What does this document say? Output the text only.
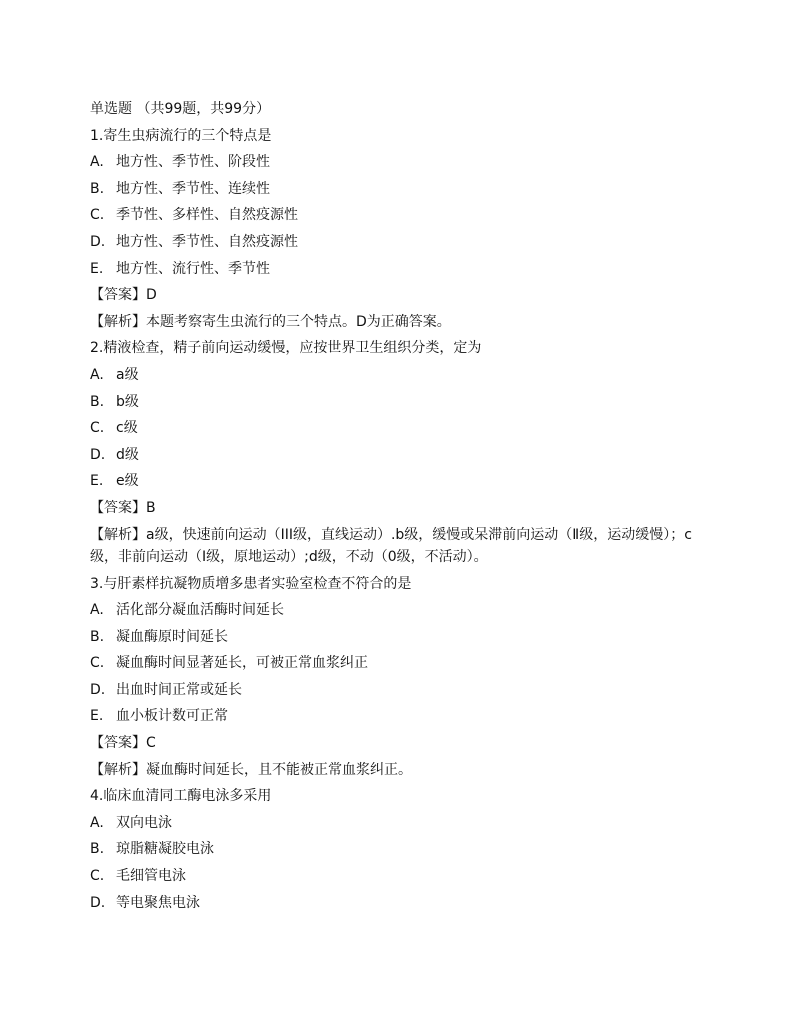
单选题 （共99题，共99分）
1.寄生虫病流行的三个特点是
A. 地方性、季节性、阶段性
B. 地方性、季节性、连续性
C. 季节性、多样性、自然疫源性
D. 地方性、季节性、自然疫源性
E. 地方性、流行性、季节性
【答案】D
【解析】本题考察寄生虫流行的三个特点。D为正确答案。
2.精液检查，精子前向运动缓慢，应按世界卫生组织分类，定为
A. a级
B. b级
C. c级
D. d级
E. e级
【答案】B
【解析】a级，快速前向运动（III级，直线运动）.b级，缓慢或呆滞前向运动（Ⅱ级，运动缓慢）；c级，非前向运动（Ⅰ级，原地运动）;d级，不动（0级，不活动）。
3.与肝素样抗凝物质增多患者实验室检查不符合的是
A. 活化部分凝血活酶时间延长
B. 凝血酶原时间延长
C. 凝血酶时间显著延长，可被正常血浆纠正
D. 出血时间正常或延长
E. 血小板计数可正常
【答案】C
【解析】凝血酶时间延长，且不能被正常血浆纠正。
4.临床血清同工酶电泳多采用
A. 双向电泳
B. 琼脂糖凝胶电泳
C. 毛细管电泳
D. 等电聚焦电泳
